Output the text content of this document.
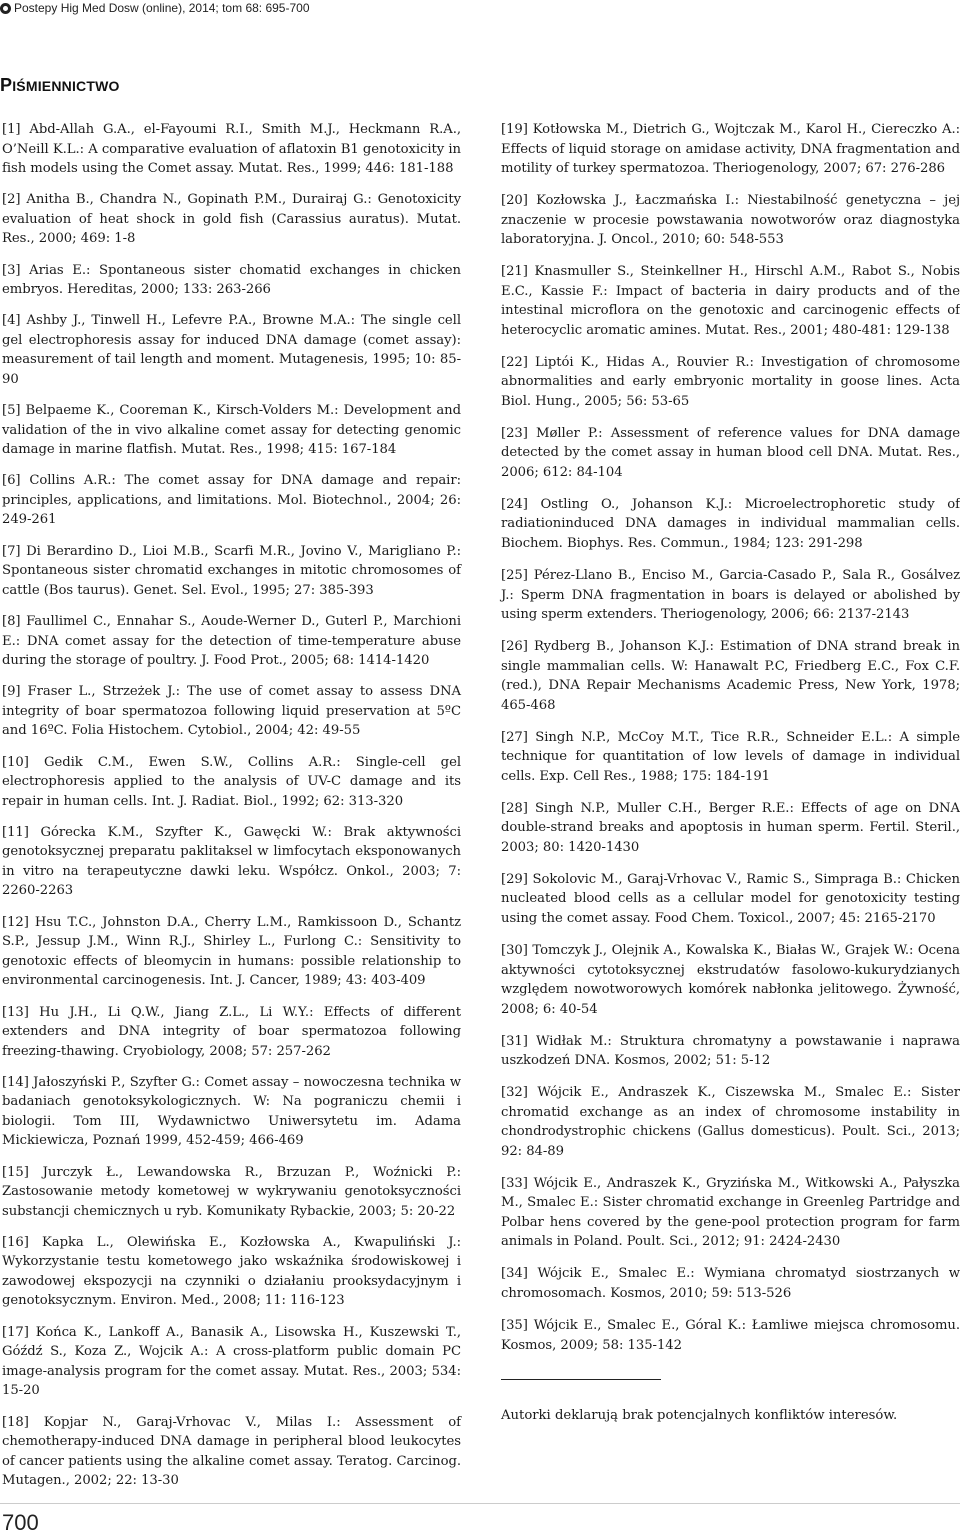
Postepy Hig Med Dosw (online), 2014; tom 68: 695-700
PIŚMIENNICTWO

[1] Abd-Allah G.A., el-Fayoumi R.I., Smith M.J., Heckmann R.A., O’Neill K.L.: A comparative evaluation of aflatoxin B1 genotoxicity in fish models using the Comet assay. Mutat. Res., 1999; 446: 181-188

[2] Anitha B., Chandra N., Gopinath P.M., Durairaj G.: Genotoxicity evaluation of heat shock in gold fish (Carassius auratus). Mutat. Res., 2000; 469: 1-8

[3] Arias E.: Spontaneous sister chomatid exchanges in chicken embryos. Hereditas, 2000; 133: 263-266

[4] Ashby J., Tinwell H., Lefevre P.A., Browne M.A.: The single cell gel electrophoresis assay for induced DNA damage (comet assay): measurement of tail length and moment. Mutagenesis, 1995; 10: 85-90

[5] Belpaeme K., Cooreman K., Kirsch-Volders M.: Development and validation of the in vivo alkaline comet assay for detecting genomic damage in marine flatfish. Mutat. Res., 1998; 415: 167-184

[6] Collins A.R.: The comet assay for DNA damage and repair: principles, applications, and limitations. Mol. Biotechnol., 2004; 26: 249-261

[7] Di Berardino D., Lioi M.B., Scarfi M.R., Jovino V., Marigliano P.: Spontaneous sister chromatid exchanges in mitotic chromosomes of cattle (Bos taurus). Genet. Sel. Evol., 1995; 27: 385-393

[8] Faullimel C., Ennahar S., Aoude-Werner D., Guterl P., Marchioni E.: DNA comet assay for the detection of time-temperature abuse during the storage of poultry. J. Food Prot., 2005; 68: 1414-1420

[9] Fraser L., Strzeżek J.: The use of comet assay to assess DNA integrity of boar spermatozoa following liquid preservation at 5ºC and 16ºC. Folia Histochem. Cytobiol., 2004; 42: 49-55

[10] Gedik C.M., Ewen S.W., Collins A.R.: Single-cell gel electrophoresis applied to the analysis of UV-C damage and its repair in human cells. Int. J. Radiat. Biol., 1992; 62: 313-320

[11] Górecka K.M., Szyfter K., Gawęcki W.: Brak aktywności genotoksycznej preparatu paklitaksel w limfocytach eksponowanych in vitro na terapeutyczne dawki leku. Współcz. Onkol., 2003; 7: 2260-2263

[12] Hsu T.C., Johnston D.A., Cherry L.M., Ramkissoon D., Schantz S.P., Jessup J.M., Winn R.J., Shirley L., Furlong C.: Sensitivity to genotoxic effects of bleomycin in humans: possible relationship to environmental carcinogenesis. Int. J. Cancer, 1989; 43: 403-409

[13] Hu J.H., Li Q.W., Jiang Z.L., Li W.Y.: Effects of different extenders and DNA integrity of boar spermatozoa following freezing-thawing. Cryobiology, 2008; 57: 257-262

[14] Jałoszyński P., Szyfter G.: Comet assay – nowoczesna technika w badaniach genotoksykologicznych. W: Na pograniczu chemii i biologii. Tom III, Wydawnictwo Uniwersytetu im. Adama Mickiewicza, Poznań 1999, 452-459; 466-469

[15] Jurczyk Ł., Lewandowska R., Brzuzan P., Woźnicki P.: Zastosowanie metody kometowej w wykrywaniu genotoksyczności substancji chemicznych u ryb. Komunikaty Rybackie, 2003; 5: 20-22

[16] Kapka L., Olewińska E., Kozłowska A., Kwapuliński J.: Wykorzystanie testu kometowego jako wskaźnika środowiskowej i zawodowej ekspozycji na czynniki o działaniu prooksydacyjnym i genotoksycznym. Environ. Med., 2008; 11: 116-123

[17] Końca K., Lankoff A., Banasik A., Lisowska H., Kuszewski T., Góźdź S., Koza Z., Wojcik A.: A cross-platform public domain PC image-analysis program for the comet assay. Mutat. Res., 2003; 534: 15-20

[18] Kopjar N., Garaj-Vrhovac V., Milas I.: Assessment of chemotherapy-induced DNA damage in peripheral blood leukocytes of cancer patients using the alkaline comet assay. Teratog. Carcinog. Mutagen., 2002; 22: 13-30

[19] Kotłowska M., Dietrich G., Wojtczak M., Karol H., Ciereczko A.: Effects of liquid storage on amidase activity, DNA fragmentation and motility of turkey spermatozoa. Theriogenology, 2007; 67: 276-286

[20] Kozłowska J., Łaczmańska I.: Niestabilność genetyczna – jej znaczenie w procesie powstawania nowotworów oraz diagnostyka laboratoryjna. J. Oncol., 2010; 60: 548-553

[21] Knasmuller S., Steinkellner H., Hirschl A.M., Rabot S., Nobis E.C., Kassie F.: Impact of bacteria in dairy products and of the intestinal microflora on the genotoxic and carcinogenic effects of heterocyclic aromatic amines. Mutat. Res., 2001; 480-481: 129-138

[22] Liptói K., Hidas A., Rouvier R.: Investigation of chromosome abnormalities and early embryonic mortality in goose lines. Acta Biol. Hung., 2005; 56: 53-65

[23] Møller P.: Assessment of reference values for DNA damage detected by the comet assay in human blood cell DNA. Mutat. Res., 2006; 612: 84-104

[24] Ostling O., Johanson K.J.: Microelectrophoretic study of radiationinduced DNA damages in individual mammalian cells. Biochem. Biophys. Res. Commun., 1984; 123: 291-298

[25] Pérez-Llano B., Enciso M., Garcia-Casado P., Sala R., Gosálvez J.: Sperm DNA fragmentation in boars is delayed or abolished by using sperm extenders. Theriogenology, 2006; 66: 2137-2143

[26] Rydberg B., Johanson K.J.: Estimation of DNA strand break in single mammalian cells. W: Hanawalt P.C, Friedberg E.C., Fox C.F. (red.), DNA Repair Mechanisms Academic Press, New York, 1978; 465-468

[27] Singh N.P., McCoy M.T., Tice R.R., Schneider E.L.: A simple technique for quantitation of low levels of damage in individual cells. Exp. Cell Res., 1988; 175: 184-191

[28] Singh N.P., Muller C.H., Berger R.E.: Effects of age on DNA double-strand breaks and apoptosis in human sperm. Fertil. Steril., 2003; 80: 1420-1430

[29] Sokolovic M., Garaj-Vrhovac V., Ramic S., Simpraga B.: Chicken nucleated blood cells as a cellular model for genotoxicity testing using the comet assay. Food Chem. Toxicol., 2007; 45: 2165-2170

[30] Tomczyk J., Olejnik A., Kowalska K., Białas W., Grajek W.: Ocena aktywności cytotoksycznej ekstrudatów fasolowo-kukurydzianych względem nowotworowych komórek nabłonka jelitowego. Żywność, 2008; 6: 40-54

[31] Widłak M.: Struktura chromatyny a powstawanie i naprawa uszkodzeń DNA. Kosmos, 2002; 51: 5-12

[32] Wójcik E., Andraszek K., Ciszewska M., Smalec E.: Sister chromatid exchange as an index of chromosome instability in chondrodystrophic chickens (Gallus domesticus). Poult. Sci., 2013; 92: 84-89

[33] Wójcik E., Andraszek K., Gryzińska M., Witkowski A., Pałyszka M., Smalec E.: Sister chromatid exchange in Greenleg Partridge and Polbar hens covered by the gene-pool protection program for farm animals in Poland. Poult. Sci., 2012; 91: 2424-2430

[34] Wójcik E., Smalec E.: Wymiana chromatyd siostrzanych w chromosomach. Kosmos, 2010; 59: 513-526

[35] Wójcik E., Smalec E., Góral K.: Łamliwe miejsca chromosomu. Kosmos, 2009; 58: 135-142

Autorki deklarują brak potencjalnych konfliktów interesów.

700
